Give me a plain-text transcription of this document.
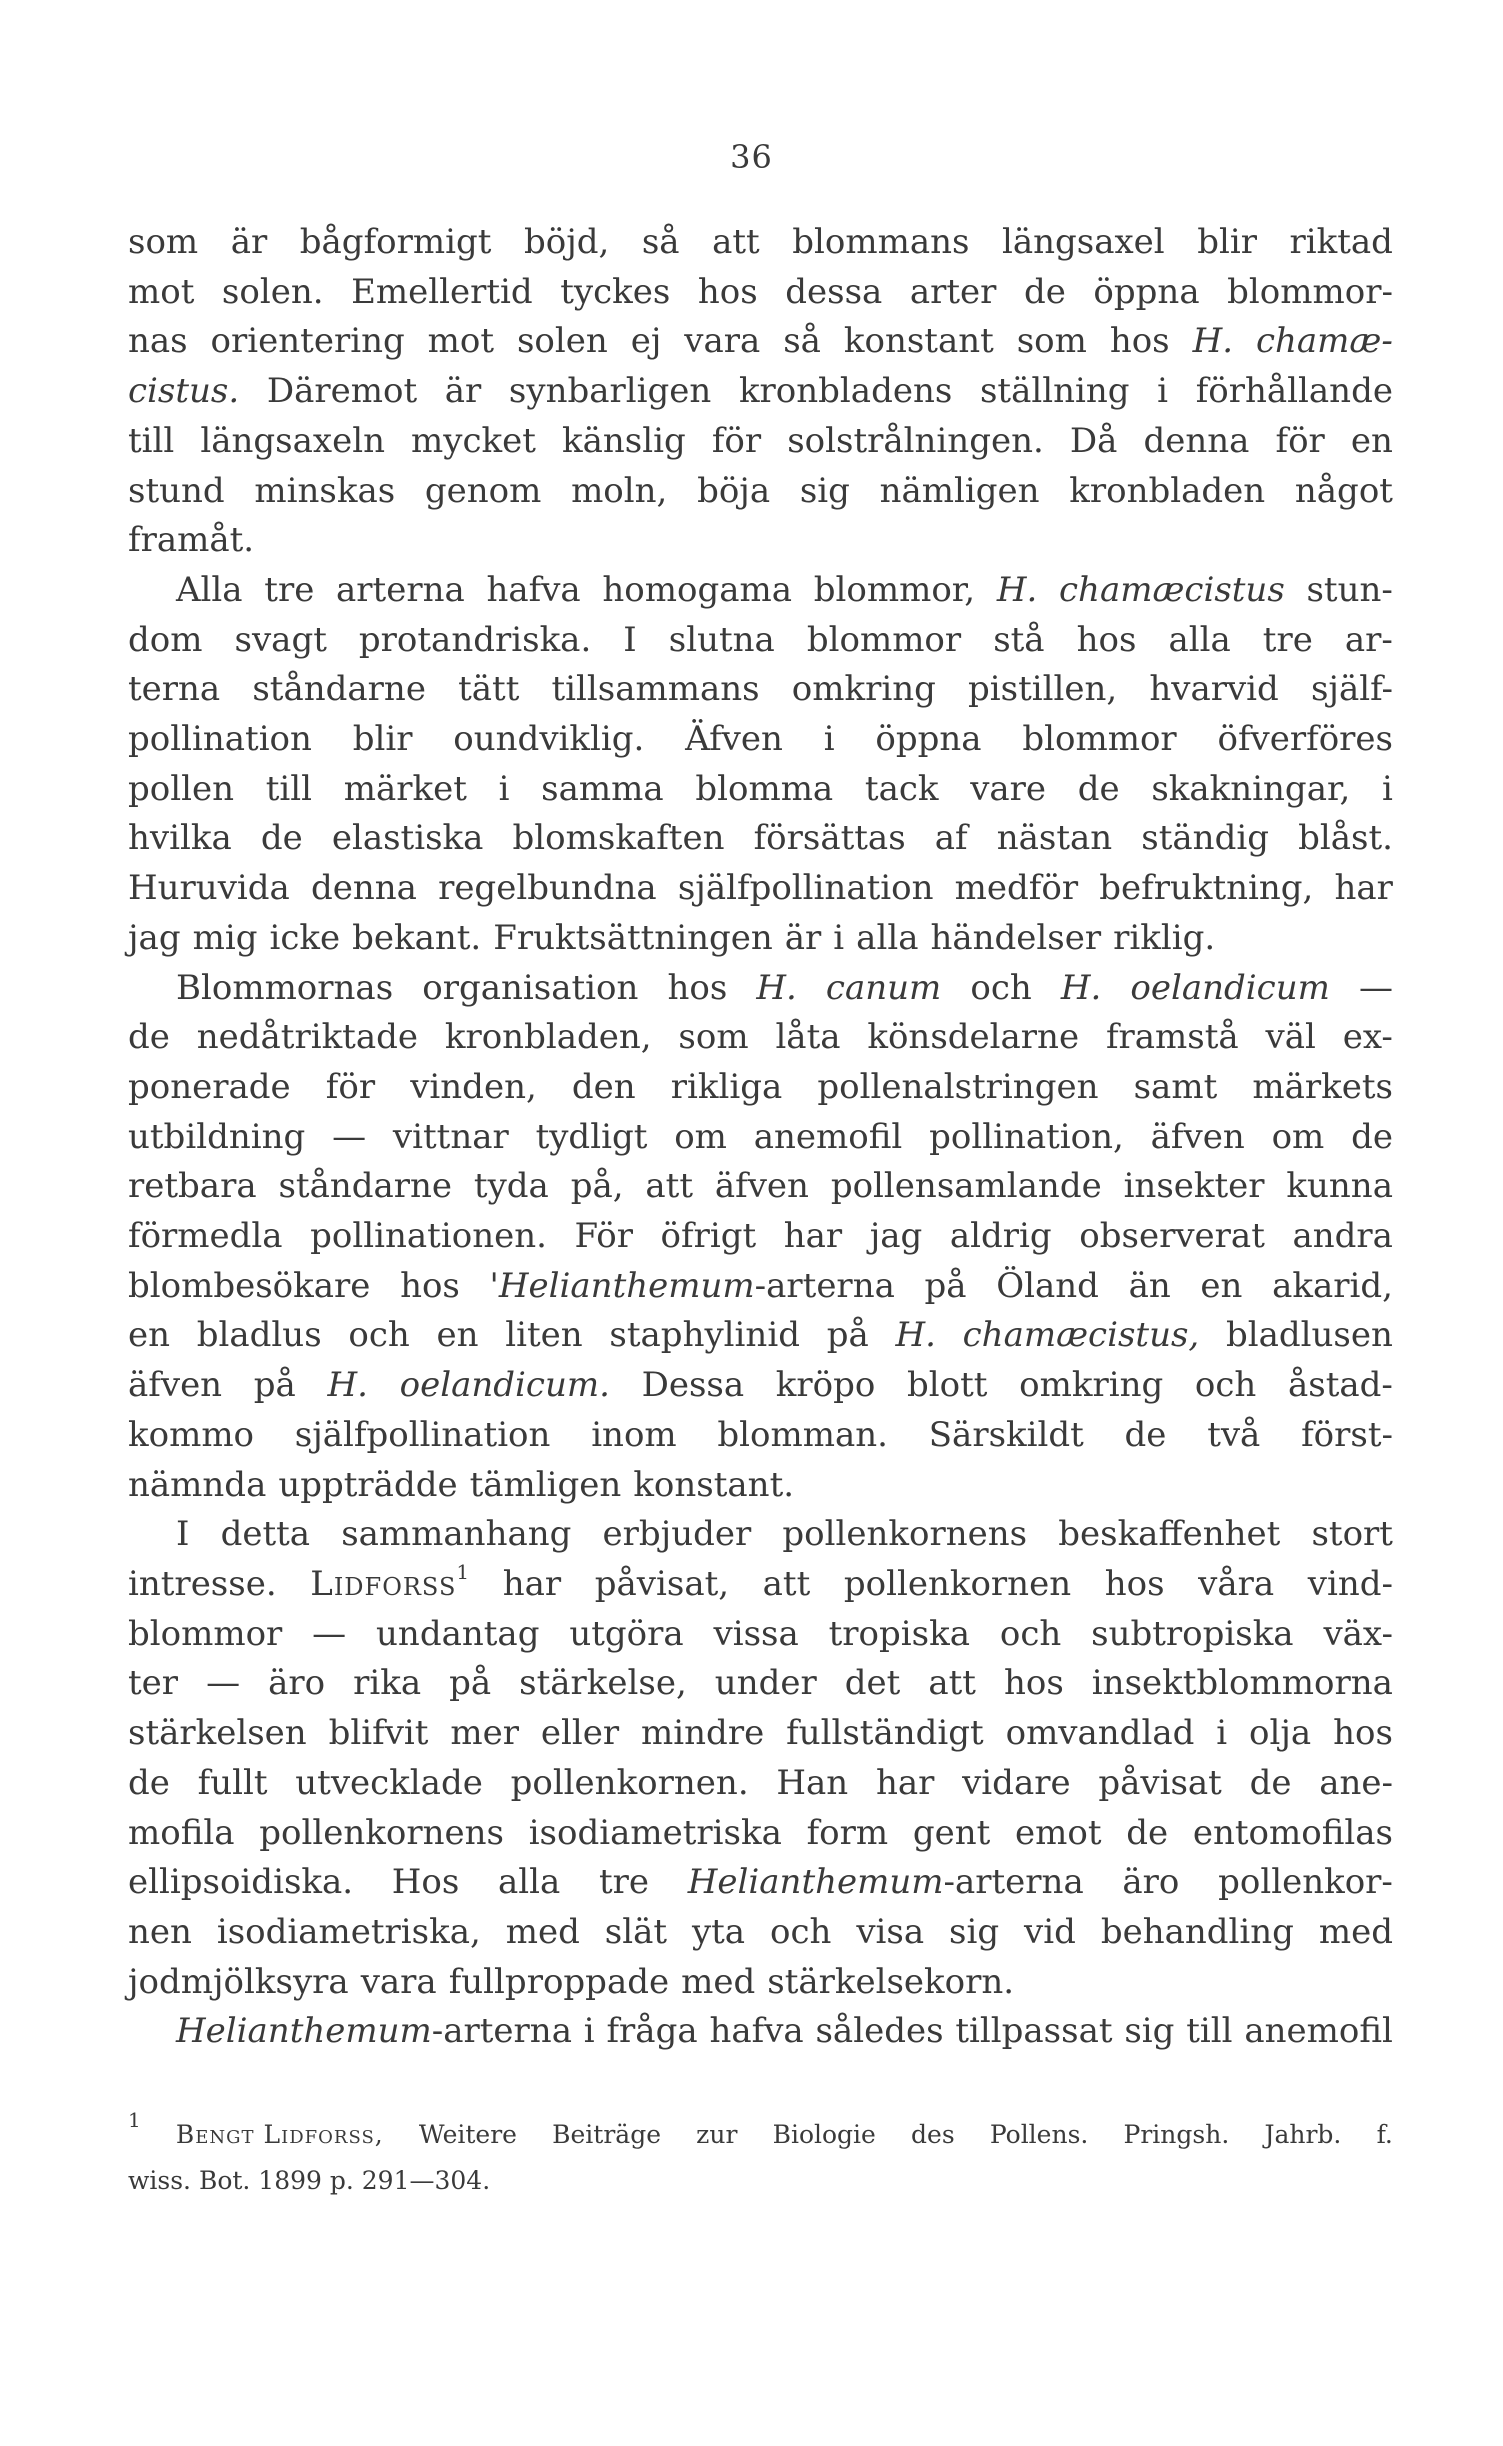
36
som är bågformigt böjd, så att blommans längsaxel blir riktad
mot solen. Emellertid tyckes hos dessa arter de öppna blommor-
nas orientering mot solen ej vara så konstant som hos H. chamæ-
cistus. Däremot är synbarligen kronbladens ställning i förhållande
till längsaxeln mycket känslig för solstrålningen. Då denna för en
stund minskas genom moln, böja sig nämligen kronbladen något
framåt.
Alla tre arterna hafva homogama blommor, H. chamæcistus stun-
dom svagt protandriska. I slutna blommor stå hos alla tre ar-
terna ståndarne tätt tillsammans omkring pistillen, hvarvid själf-
pollination blir oundviklig. Äfven i öppna blommor öfverföres
pollen till märket i samma blomma tack vare de skakningar, i
hvilka de elastiska blomskaften försättas af nästan ständig blåst.
Huruvida denna regelbundna själfpollination medför befruktning, har
jag mig icke bekant. Fruktsättningen är i alla händelser riklig.
Blommornas organisation hos H. canum och H. oelandicum —
de nedåtriktade kronbladen, som låta könsdelarne framstå väl ex-
ponerade för vinden, den rikliga pollenalstringen samt märkets
utbildning — vittnar tydligt om anemofil pollination, äfven om de
retbara ståndarne tyda på, att äfven pollensamlande insekter kunna
förmedla pollinationen. För öfrigt har jag aldrig observerat andra
blombesökare hos 'Helianthemum-arterna på Öland än en akarid,
en bladlus och en liten staphylinid på H. chamæcistus, bladlusen
äfven på H. oelandicum. Dessa kröpo blott omkring och åstad-
kommo själfpollination inom blomman. Särskildt de två först-
nämnda uppträdde tämligen konstant.
I detta sammanhang erbjuder pollenkornens beskaffenhet stort
intresse. Lidforss$^1$ har påvisat, att pollenkornen hos våra vind-
blommor — undantag utgöra vissa tropiska och subtropiska väx-
ter — äro rika på stärkelse, under det att hos insektblommorna
stärkelsen blifvit mer eller mindre fullständigt omvandlad i olja hos
de fullt utvecklade pollenkornen. Han har vidare påvisat de ane-
mofila pollenkornens isodiametriska form gent emot de entomofilas
ellipsoidiska. Hos alla tre Helianthemum-arterna äro pollenkor-
nen isodiametriska, med slät yta och visa sig vid behandling med
jodmjölksyra vara fullproppade med stärkelsekorn.
Helianthemum-arterna i fråga hafva således tillpassat sig till anemofil
$^1$ Bengt Lidforss, Weitere Beiträge zur Biologie des Pollens. Pringsh. Jahrb. f.
wiss. Bot. 1899 p. 291—304.
